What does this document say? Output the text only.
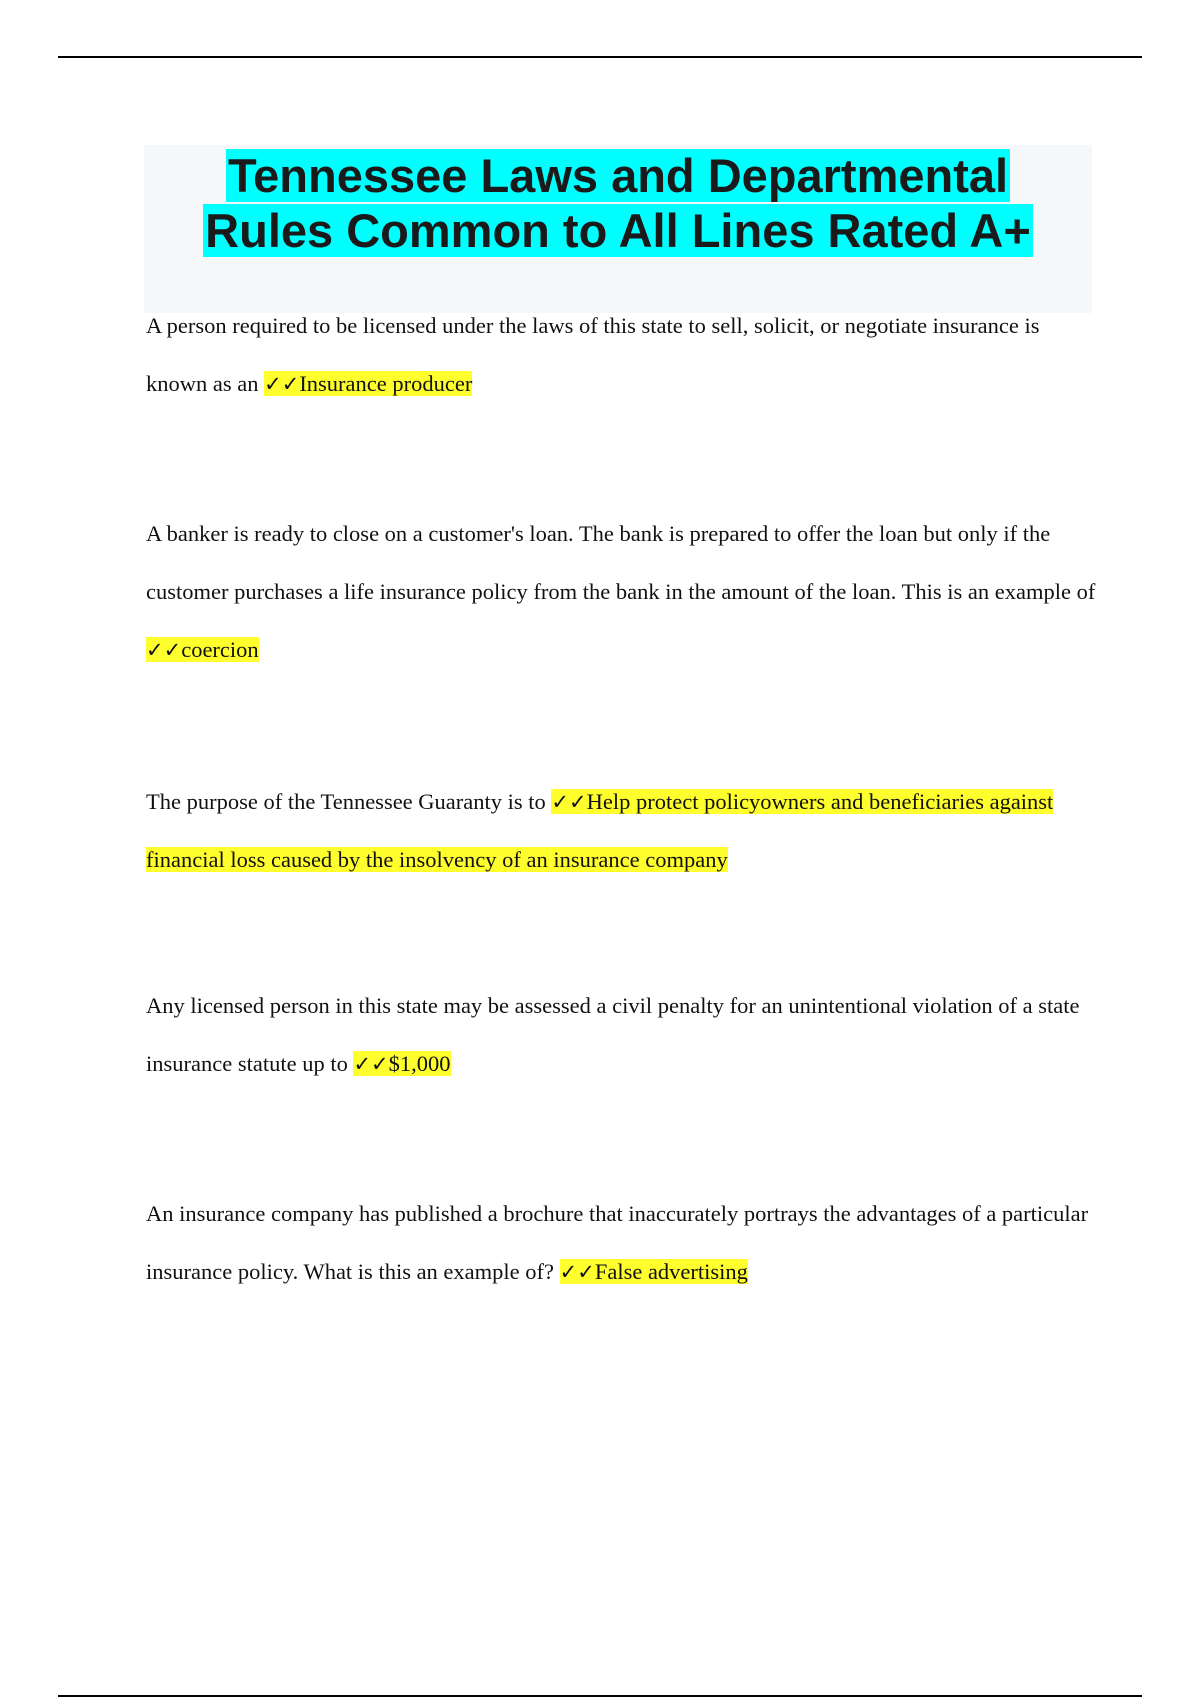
Tennessee Laws and Departmental
Rules Common to All Lines Rated A+

A person required to be licensed under the laws of this state to sell, solicit, or negotiate insurance is known as an ✓✓Insurance producer

A banker is ready to close on a customer's loan. The bank is prepared to offer the loan but only if the customer purchases a life insurance policy from the bank in the amount of the loan. This is an example of ✓✓coercion

The purpose of the Tennessee Guaranty is to ✓✓Help protect policyowners and beneficiaries against financial loss caused by the insolvency of an insurance company

Any licensed person in this state may be assessed a civil penalty for an unintentional violation of a state insurance statute up to ✓✓$1,000

An insurance company has published a brochure that inaccurately portrays the advantages of a particular insurance policy. What is this an example of? ✓✓False advertising
